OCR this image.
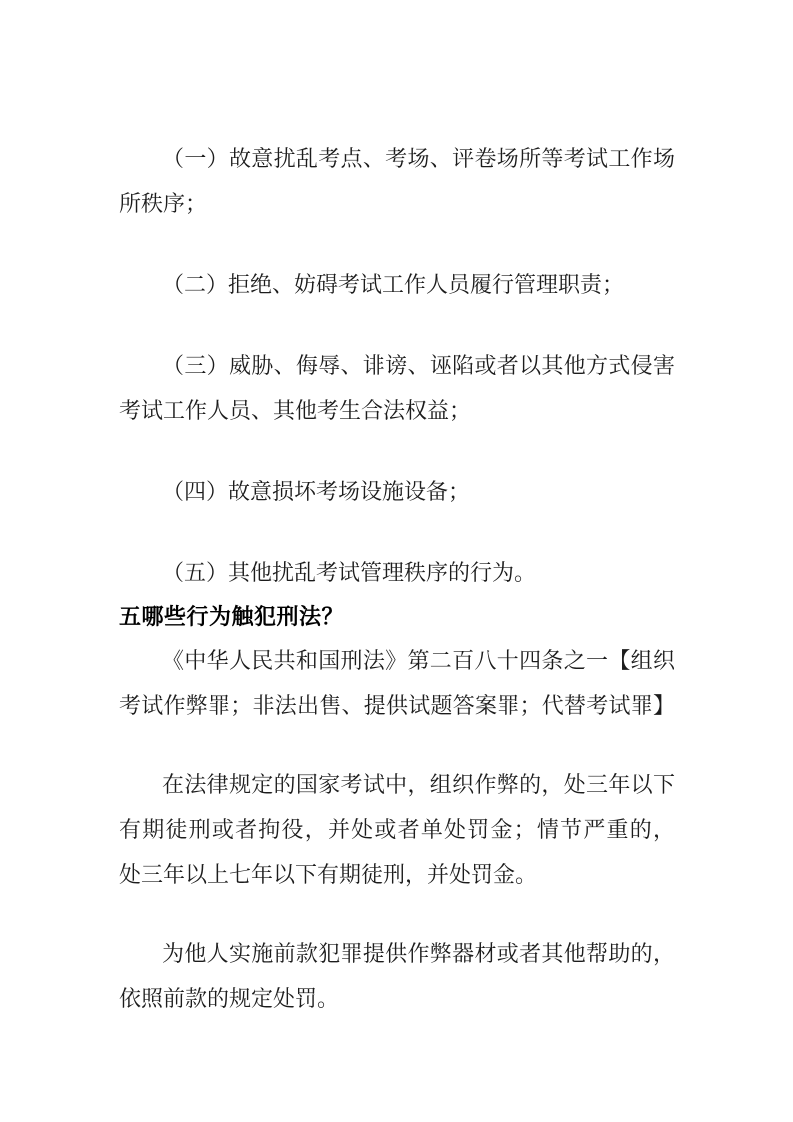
（一）故意扰乱考点、考场、评卷场所等考试工作场
所秩序；
（二）拒绝、妨碍考试工作人员履行管理职责；
（三）威胁、侮辱、诽谤、诬陷或者以其他方式侵害
考试工作人员、其他考生合法权益；
（四）故意损坏考场设施设备；
（五）其他扰乱考试管理秩序的行为。
五哪些行为触犯刑法？
《中华人民共和国刑法》第二百八十四条之一【组织
考试作弊罪；非法出售、提供试题答案罪；代替考试罪】
在法律规定的国家考试中，组织作弊的，处三年以下
有期徒刑或者拘役，并处或者单处罚金；情节严重的，
处三年以上七年以下有期徒刑，并处罚金。
为他人实施前款犯罪提供作弊器材或者其他帮助的，
依照前款的规定处罚。
